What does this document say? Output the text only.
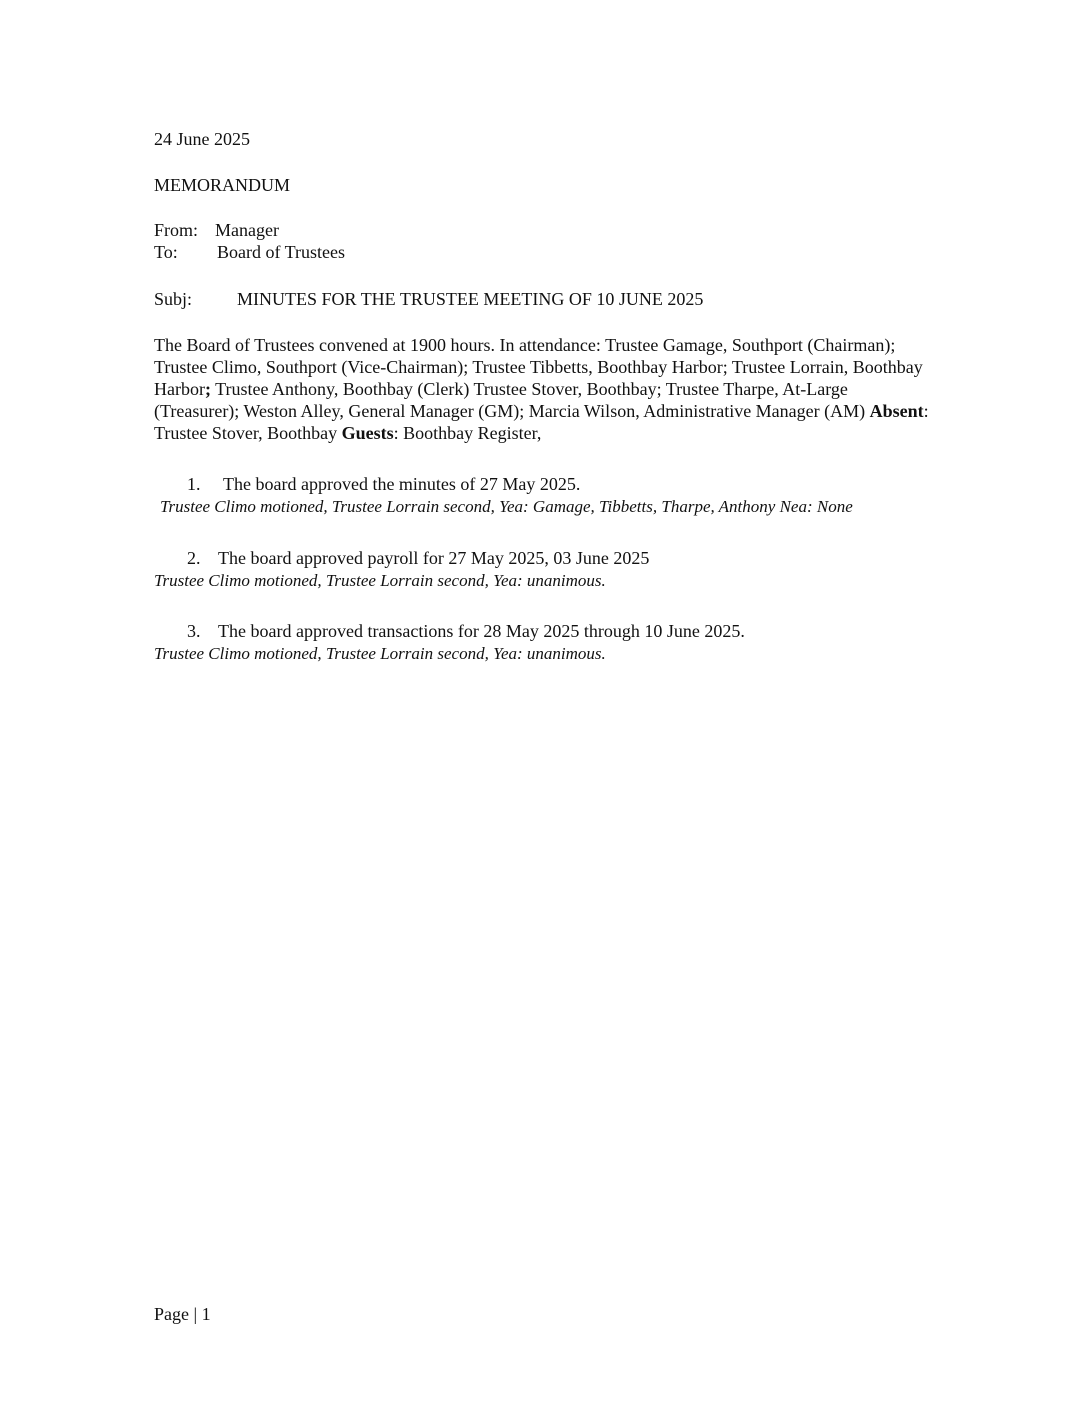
24 June 2025
MEMORANDUM
From: Manager
To: Board of Trustees
Subj: MINUTES FOR THE TRUSTEE MEETING OF 10 JUNE 2025
The Board of Trustees convened at 1900 hours. In attendance: Trustee Gamage, Southport (Chairman); Trustee Climo, Southport (Vice-Chairman); Trustee Tibbetts, Boothbay Harbor; Trustee Lorrain, Boothbay Harbor; Trustee Anthony, Boothbay (Clerk) Trustee Stover, Boothbay; Trustee Tharpe, At-Large (Treasurer); Weston Alley, General Manager (GM); Marcia Wilson, Administrative Manager (AM) Absent: Trustee Stover, Boothbay Guests: Boothbay Register,
1. The board approved the minutes of 27 May 2025.
Trustee Climo motioned, Trustee Lorrain second, Yea: Gamage, Tibbetts, Tharpe, Anthony Nea: None
2. The board approved payroll for 27 May 2025, 03 June 2025
Trustee Climo motioned, Trustee Lorrain second, Yea: unanimous.
3. The board approved transactions for 28 May 2025 through 10 June 2025.
Trustee Climo motioned, Trustee Lorrain second, Yea: unanimous.
Page | 1
